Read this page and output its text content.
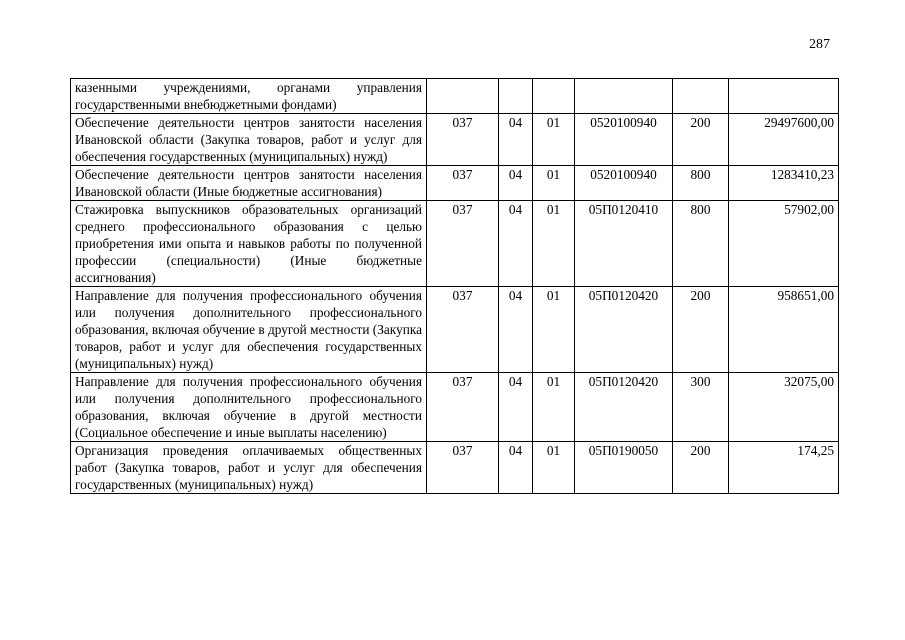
287
казенными учреждениями, органами управления государственными внебюджетными фондами)						
Обеспечение деятельности центров занятости населения Ивановской области (Закупка товаров, работ и услуг для обеспечения государственных (муниципальных) нужд)	037	04	01	0520100940	200	29497600,00
Обеспечение деятельности центров занятости населения Ивановской области (Иные бюджетные ассигнования)	037	04	01	0520100940	800	1283410,23
Стажировка выпускников образовательных организаций среднего профессионального образования с целью приобретения ими опыта и навыков работы по полученной профессии (специальности) (Иные бюджетные ассигнования)	037	04	01	05П0120410	800	57902,00
Направление для получения профессионального обучения или получения дополнительного профессионального образования, включая обучение в другой местности (Закупка товаров, работ и услуг для обеспечения государственных (муниципальных) нужд)	037	04	01	05П0120420	200	958651,00
Направление для получения профессионального обучения или получения дополнительного профессионального образования, включая обучение в другой местности (Социальное обеспечение и иные выплаты населению)	037	04	01	05П0120420	300	32075,00
Организация проведения оплачиваемых общественных работ (Закупка товаров, работ и услуг для обеспечения государственных (муниципальных) нужд)	037	04	01	05П0190050	200	174,25
